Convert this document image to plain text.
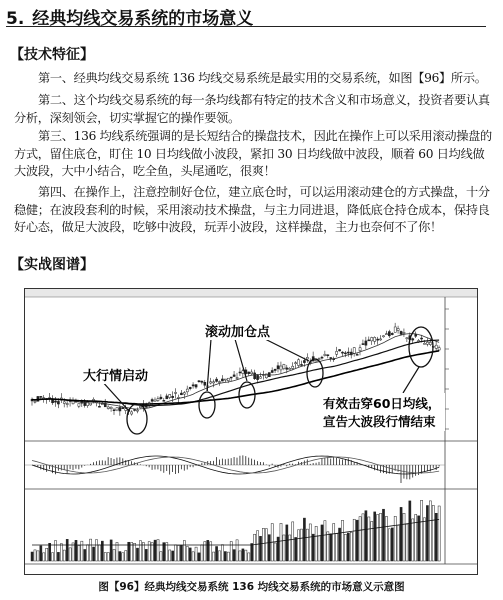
5. 经典均线交易系统的市场意义
【技术特征】
第一、经典均线交易系统 136 均线交易系统是最实用的交易系统，如图【96】所示。
第二、这个均线交易系统的每一条均线都有特定的技术含义和市场意义，投资者要认真分析，深刻领会，切实掌握它的操作要领。
第三、136 均线系统强调的是长短结合的操盘技术，因此在操作上可以采用滚动操盘的方式，留住底仓，盯住 10 日均线做小波段，紧扣 30 日均线做中波段，顺着 60 日均线做大波段，大中小结合，吃全鱼，头尾通吃，很爽！
第四、在操作上，注意控制好仓位，建立底仓时，可以运用滚动建仓的方式操盘，十分稳健；在波段套利的时候，采用滚动技术操盘，与主力同进退，降低底仓持仓成本，保持良好心态，做足大波段，吃够中波段，玩弄小波段，这样操盘，主力也奈何不了你！
【实战图谱】
大行情启动
滚动加仓点
有效击穿60日均线，
宣告大波段行情结束
图【96】经典均线交易系统 136 均线交易系统的市场意义示意图
